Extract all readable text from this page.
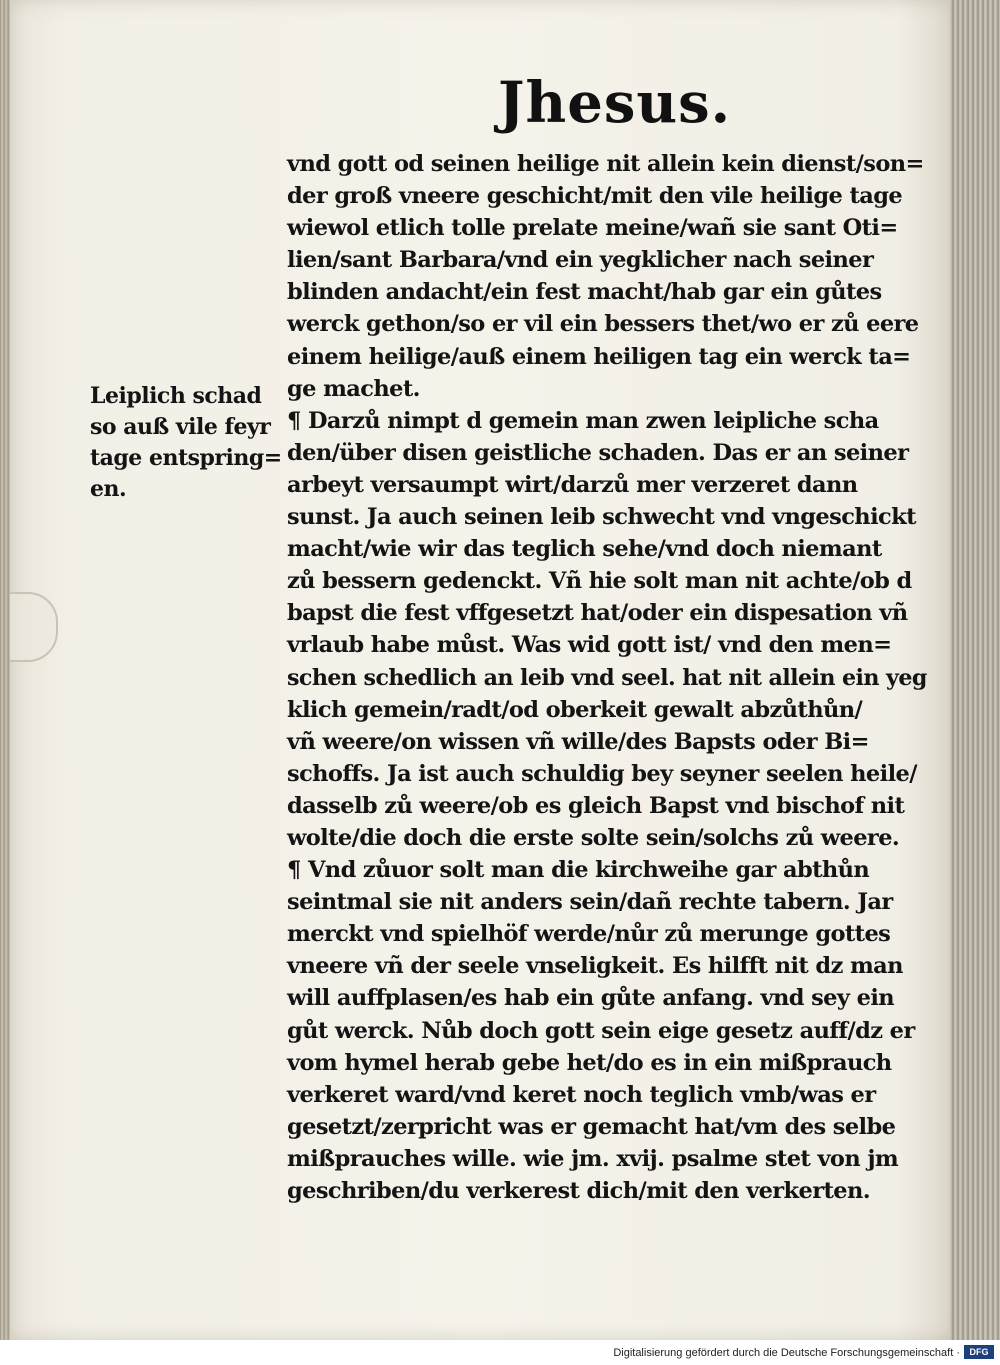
Jhesus.
Leiplich schad
so auß vile feyr
tage entspring=
en.
vnd gott od seinen heilige nit allein kein dienst/son=
der groß vneere geschicht/mit den vile heilige tage
wiewol etlich tolle prelate meine/wañ sie sant Oti=
lien/sant Barbara/vnd ein yegklicher nach seiner
blinden andacht/ein fest macht/hab gar ein gůtes
werck gethon/so er vil ein bessers thet/wo er zů eere
einem heilige/auß einem heiligen tag ein werck ta=
ge machet.
¶ Darzů nimpt d gemein man zwen leipliche scha
den/über disen geistliche schaden. Das er an seiner
arbeyt versaumpt wirt/darzů mer verzeret dann
sunst. Ja auch seinen leib schwecht vnd vngeschickt
macht/wie wir das teglich sehe/vnd doch niemant
zů bessern gedenckt. Vñ hie solt man nit achte/ob d
bapst die fest vffgesetzt hat/oder ein dispesation vñ
vrlaub habe můst. Was wid gott ist/ vnd den men=
schen schedlich an leib vnd seel. hat nit allein ein yeg
klich gemein/radt/od oberkeit gewalt abzůthůn/
vñ weere/on wissen vñ wille/des Bapsts oder Bi=
schoffs. Ja ist auch schuldig bey seyner seelen heile/
dasselb zů weere/ob es gleich Bapst vnd bischof nit
wolte/die doch die erste solte sein/solchs zů weere.
¶ Vnd zůuor solt man die kirchweihe gar abthůn
seintmal sie nit anders sein/dañ rechte tabern. Jar
merckt vnd spielhöf werde/nůr zů merunge gottes
vneere vñ der seele vnseligkeit. Es hilfft nit dz man
will auffplasen/es hab ein gůte anfang. vnd sey ein
gůt werck. Nůb doch gott sein eige gesetz auff/dz er
vom hymel herab gebe het/do es in ein mißprauch
verkeret ward/vnd keret noch teglich vmb/was er
gesetzt/zerpricht was er gemacht hat/vm des selbe
mißprauches wille. wie jm. xvij. psalme stet von jm
geschriben/du verkerest dich/mit den verkerten.
Digitalisierung gefördert durch die Deutsche Forschungsgemeinschaft ·	DFG
